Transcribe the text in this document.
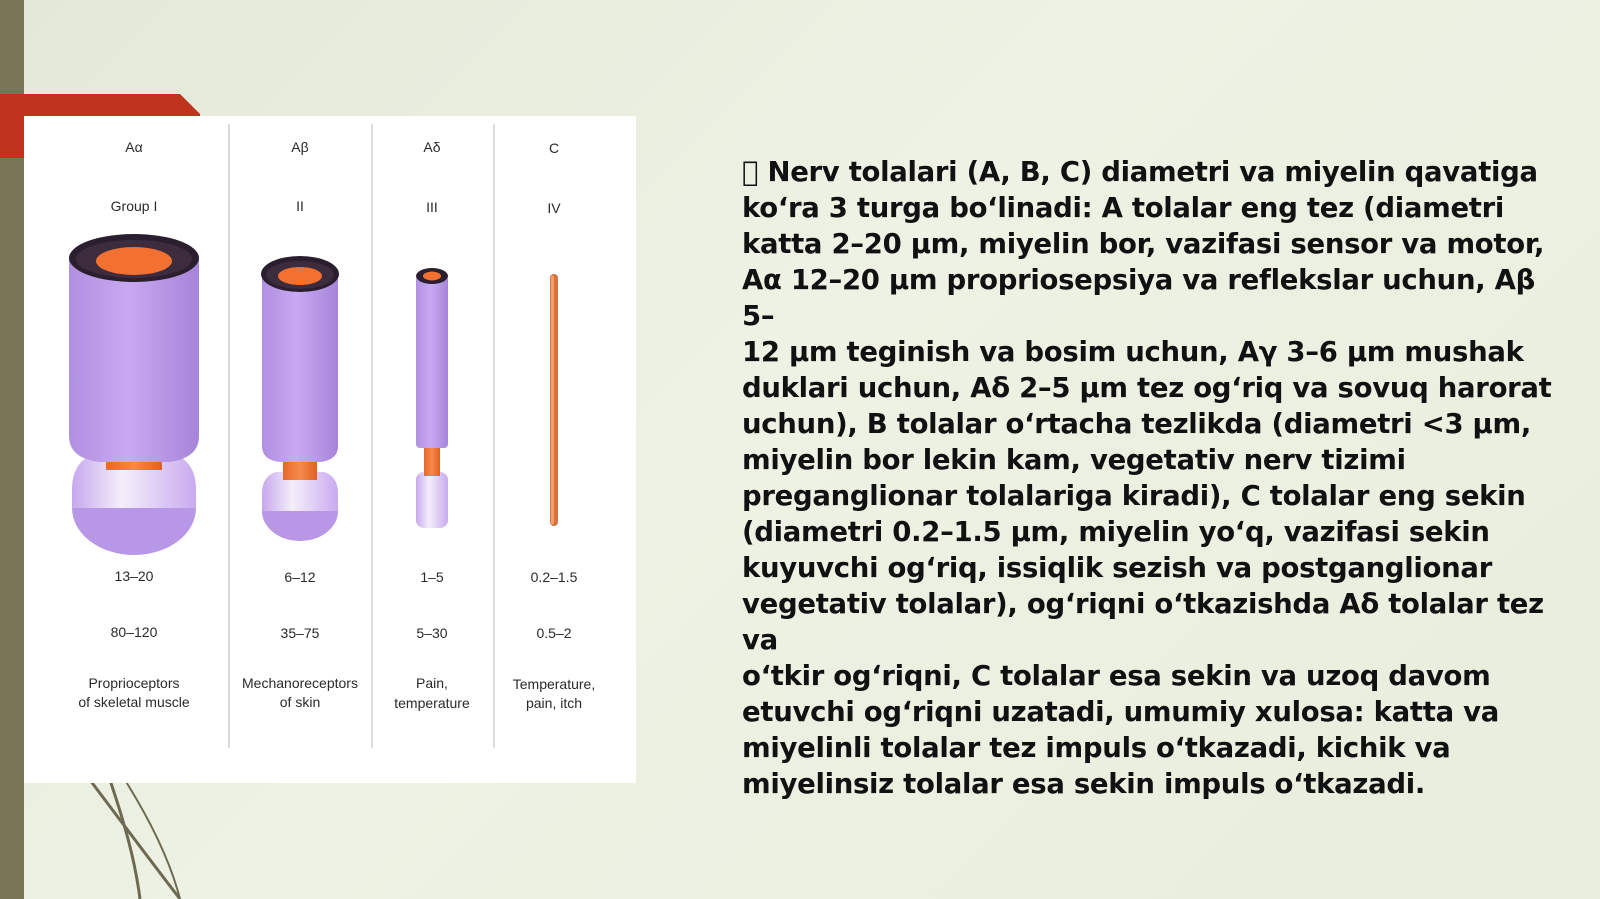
Aα
Group I
13–20
80–120
Proprioceptors
of skeletal muscle
Aβ
II
6–12
35–75
Mechanoreceptors
of skin
Aδ
III
1–5
5–30
Pain,
temperature
C
IV
0.2–1.5
0.5–2
Temperature,
pain, itch

Nerv tolalari (A, B, C) diametri va miyelin qavatiga
koʻra 3 turga boʻlinadi: A tolalar eng tez (diametri
katta 2–20 μm, miyelin bor, vazifasi sensor va motor,
Aα 12–20 μm propriosepsiya va reflekslar uchun, Aβ 5–
12 μm teginish va bosim uchun, Aγ 3–6 μm mushak
duklari uchun, Aδ 2–5 μm tez ogʻriq va sovuq harorat
uchun), B tolalar oʻrtacha tezlikda (diametri <3 μm,
miyelin bor lekin kam, vegetativ nerv tizimi
preganglionar tolalariga kiradi), C tolalar eng sekin
(diametri 0.2–1.5 μm, miyelin yoʻq, vazifasi sekin
kuyuvchi ogʻriq, issiqlik sezish va postganglionar
vegetativ tolalar), ogʻriqni oʻtkazishda Aδ tolalar tez va
oʻtkir ogʻriqni, C tolalar esa sekin va uzoq davom
etuvchi ogʻriqni uzatadi, umumiy xulosa: katta va
miyelinli tolalar tez impuls oʻtkazadi, kichik va
miyelinsiz tolalar esa sekin impuls oʻtkazadi.
